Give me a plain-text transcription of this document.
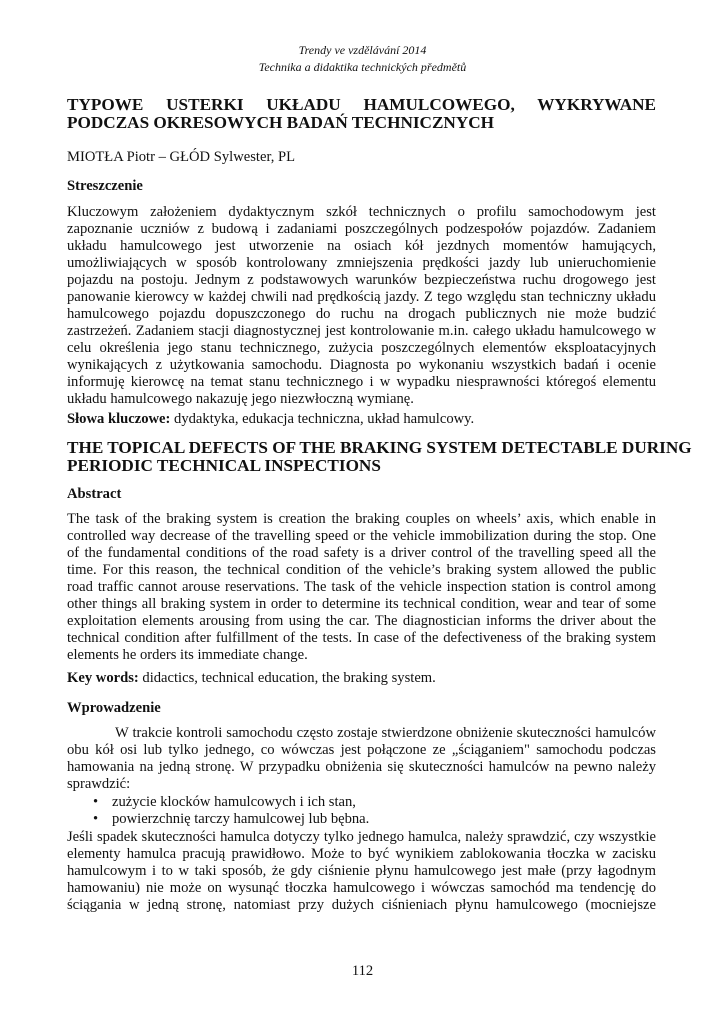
Trendy ve vzdělávání 2014
Technika a didaktika technických předmětů
TYPOWE USTERKI UKŁADU HAMULCOWEGO, WYKRYWANE
PODCZAS OKRESOWYCH BADAŃ TECHNICZNYCH
MIOTŁA Piotr – GŁÓD Sylwester, PL
Streszczenie
Kluczowym założeniem dydaktycznym szkół technicznych o profilu samochodowym jest
zapoznanie uczniów z budową i zadaniami poszczególnych podzespołów pojazdów. Zadaniem
układu hamulcowego jest utworzenie na osiach kół jezdnych momentów hamujących,
umożliwiających w sposób kontrolowany zmniejszenia prędkości jazdy lub unieruchomienie
pojazdu na postoju. Jednym z podstawowych warunków bezpieczeństwa ruchu drogowego jest
panowanie kierowcy w każdej chwili nad prędkością jazdy. Z tego względu stan techniczny układu
hamulcowego pojazdu dopuszczonego do ruchu na drogach publicznych nie może budzić
zastrzeżeń. Zadaniem stacji diagnostycznej jest kontrolowanie m.in. całego układu hamulcowego w
celu określenia jego stanu technicznego, zużycia poszczególnych elementów eksploatacyjnych
wynikających z użytkowania samochodu. Diagnosta po wykonaniu wszystkich badań i ocenie
informuję kierowcę na temat stanu technicznego i w wypadku niesprawności któregoś elementu
układu hamulcowego nakazuję jego niezwłoczną wymianę.
Słowa kluczowe: dydaktyka, edukacja techniczna, układ hamulcowy.
THE TOPICAL DEFECTS OF THE BRAKING SYSTEM DETECTABLE DURING
PERIODIC TECHNICAL INSPECTIONS
Abstract
The task of the braking system is creation the braking couples on wheels’ axis, which enable in
controlled way decrease of the travelling speed or the vehicle immobilization during the stop. One
of the fundamental conditions of the road safety is a driver control of the travelling speed all the
time. For this reason, the technical condition of the vehicle’s braking system allowed the public
road traffic cannot arouse reservations. The task of the vehicle inspection station is control among
other things all braking system in order to determine its technical condition, wear and tear of some
exploitation elements arousing from using the car. The diagnostician informs the driver about the
technical condition after fulfillment of the tests. In case of the defectiveness of the braking system
elements he orders its immediate change.
Key words: didactics, technical education, the braking system.
Wprowadzenie
W trakcie kontroli samochodu często zostaje stwierdzone obniżenie skuteczności hamulców
obu kół osi lub tylko jednego, co wówczas jest połączone ze „ściąganiem" samochodu podczas
hamowania na jedną stronę. W przypadku obniżenia się skuteczności hamulców na pewno należy
sprawdzić:
• zużycie klocków hamulcowych i ich stan,
• powierzchnię tarczy hamulcowej lub bębna.
Jeśli spadek skuteczności hamulca dotyczy tylko jednego hamulca, należy sprawdzić, czy wszystkie
elementy hamulca pracują prawidłowo. Może to być wynikiem zablokowania tłoczka w zacisku
hamulcowym i to w taki sposób, że gdy ciśnienie płynu hamulcowego jest małe (przy łagodnym
hamowaniu) nie może on wysunąć tłoczka hamulcowego i wówczas samochód ma tendencję do
ściągania w jedną stronę, natomiast przy dużych ciśnieniach płynu hamulcowego (mocniejsze
112
